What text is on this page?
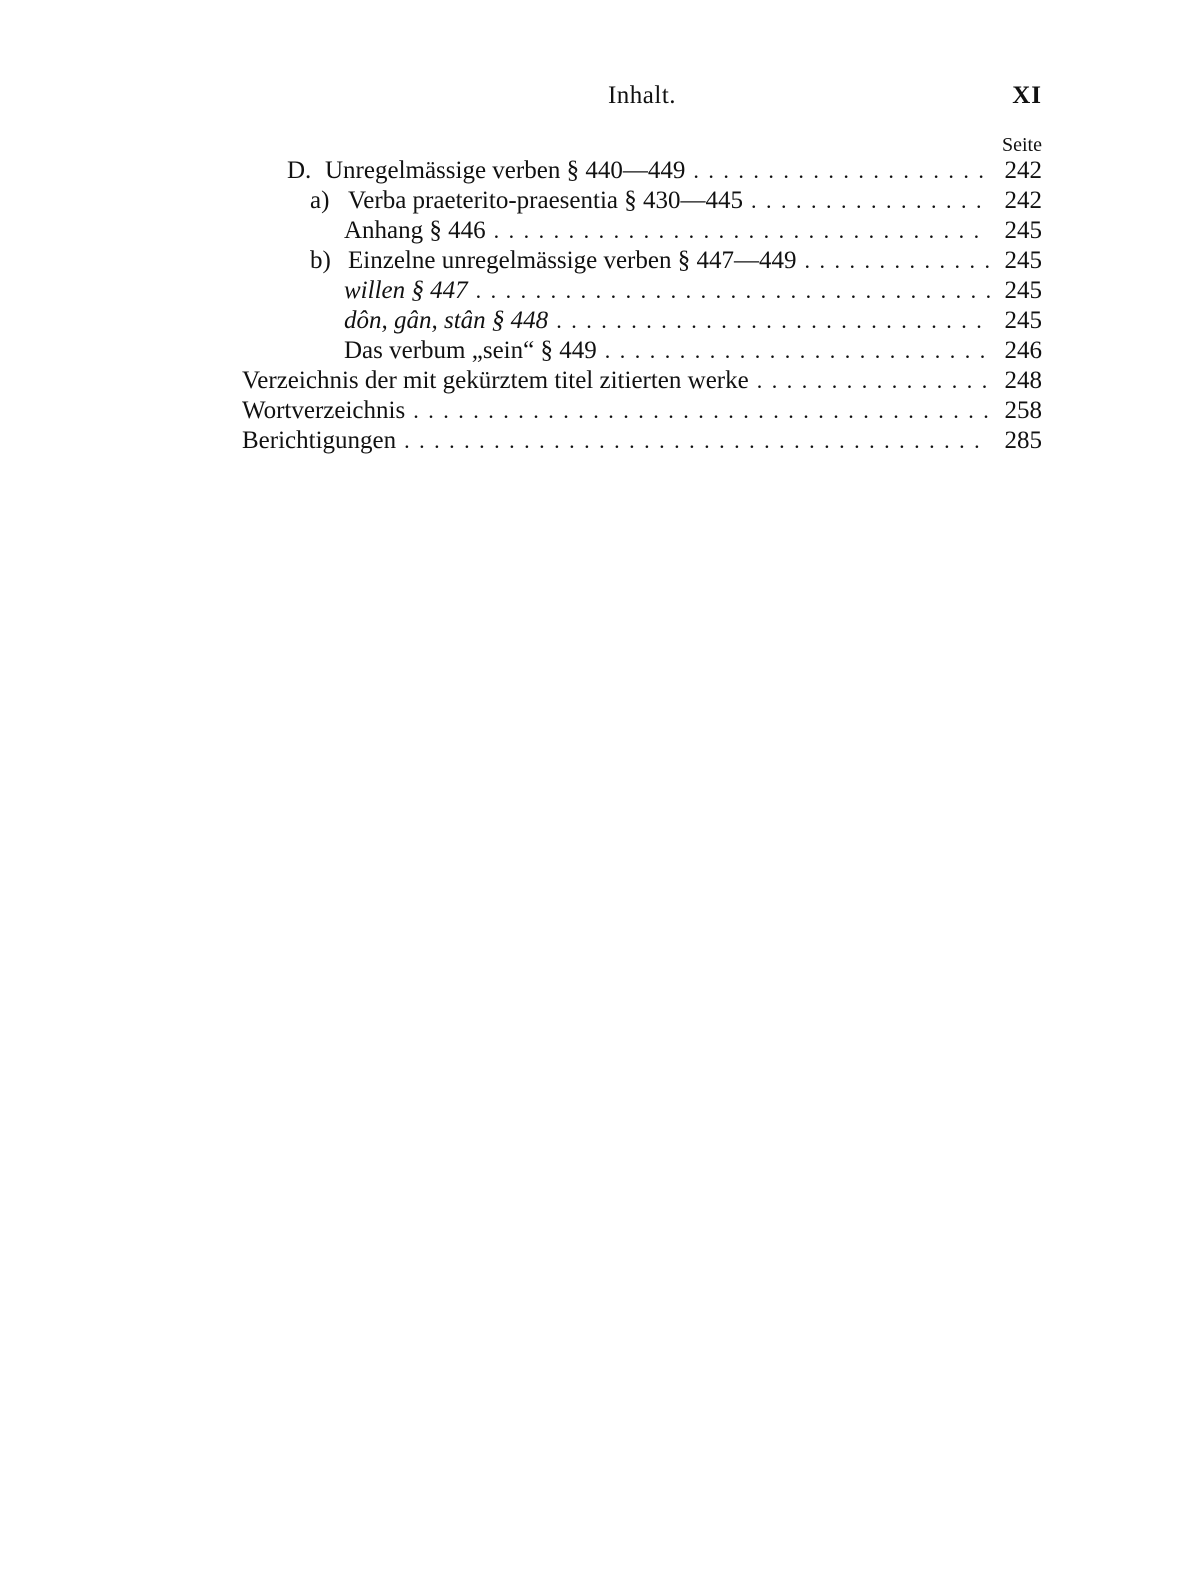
Inhalt.	XI
Seite
D. Unregelmässige verben § 440—449 . . .	242
a) Verba praeterito-praesentia § 430—445 . . .	242
Anhang § 446 . . .	245
b) Einzelne unregelmässige verben § 447—449 . . .	245
willen § 447 . . .	245
dôn, gân, stân § 448 . . .	245
Das verbum „sein“ § 449 . . .	246
Verzeichnis der mit gekürztem titel zitierten werke . . .	248
Wortverzeichnis . . .	258
Berichtigungen . . .	285
